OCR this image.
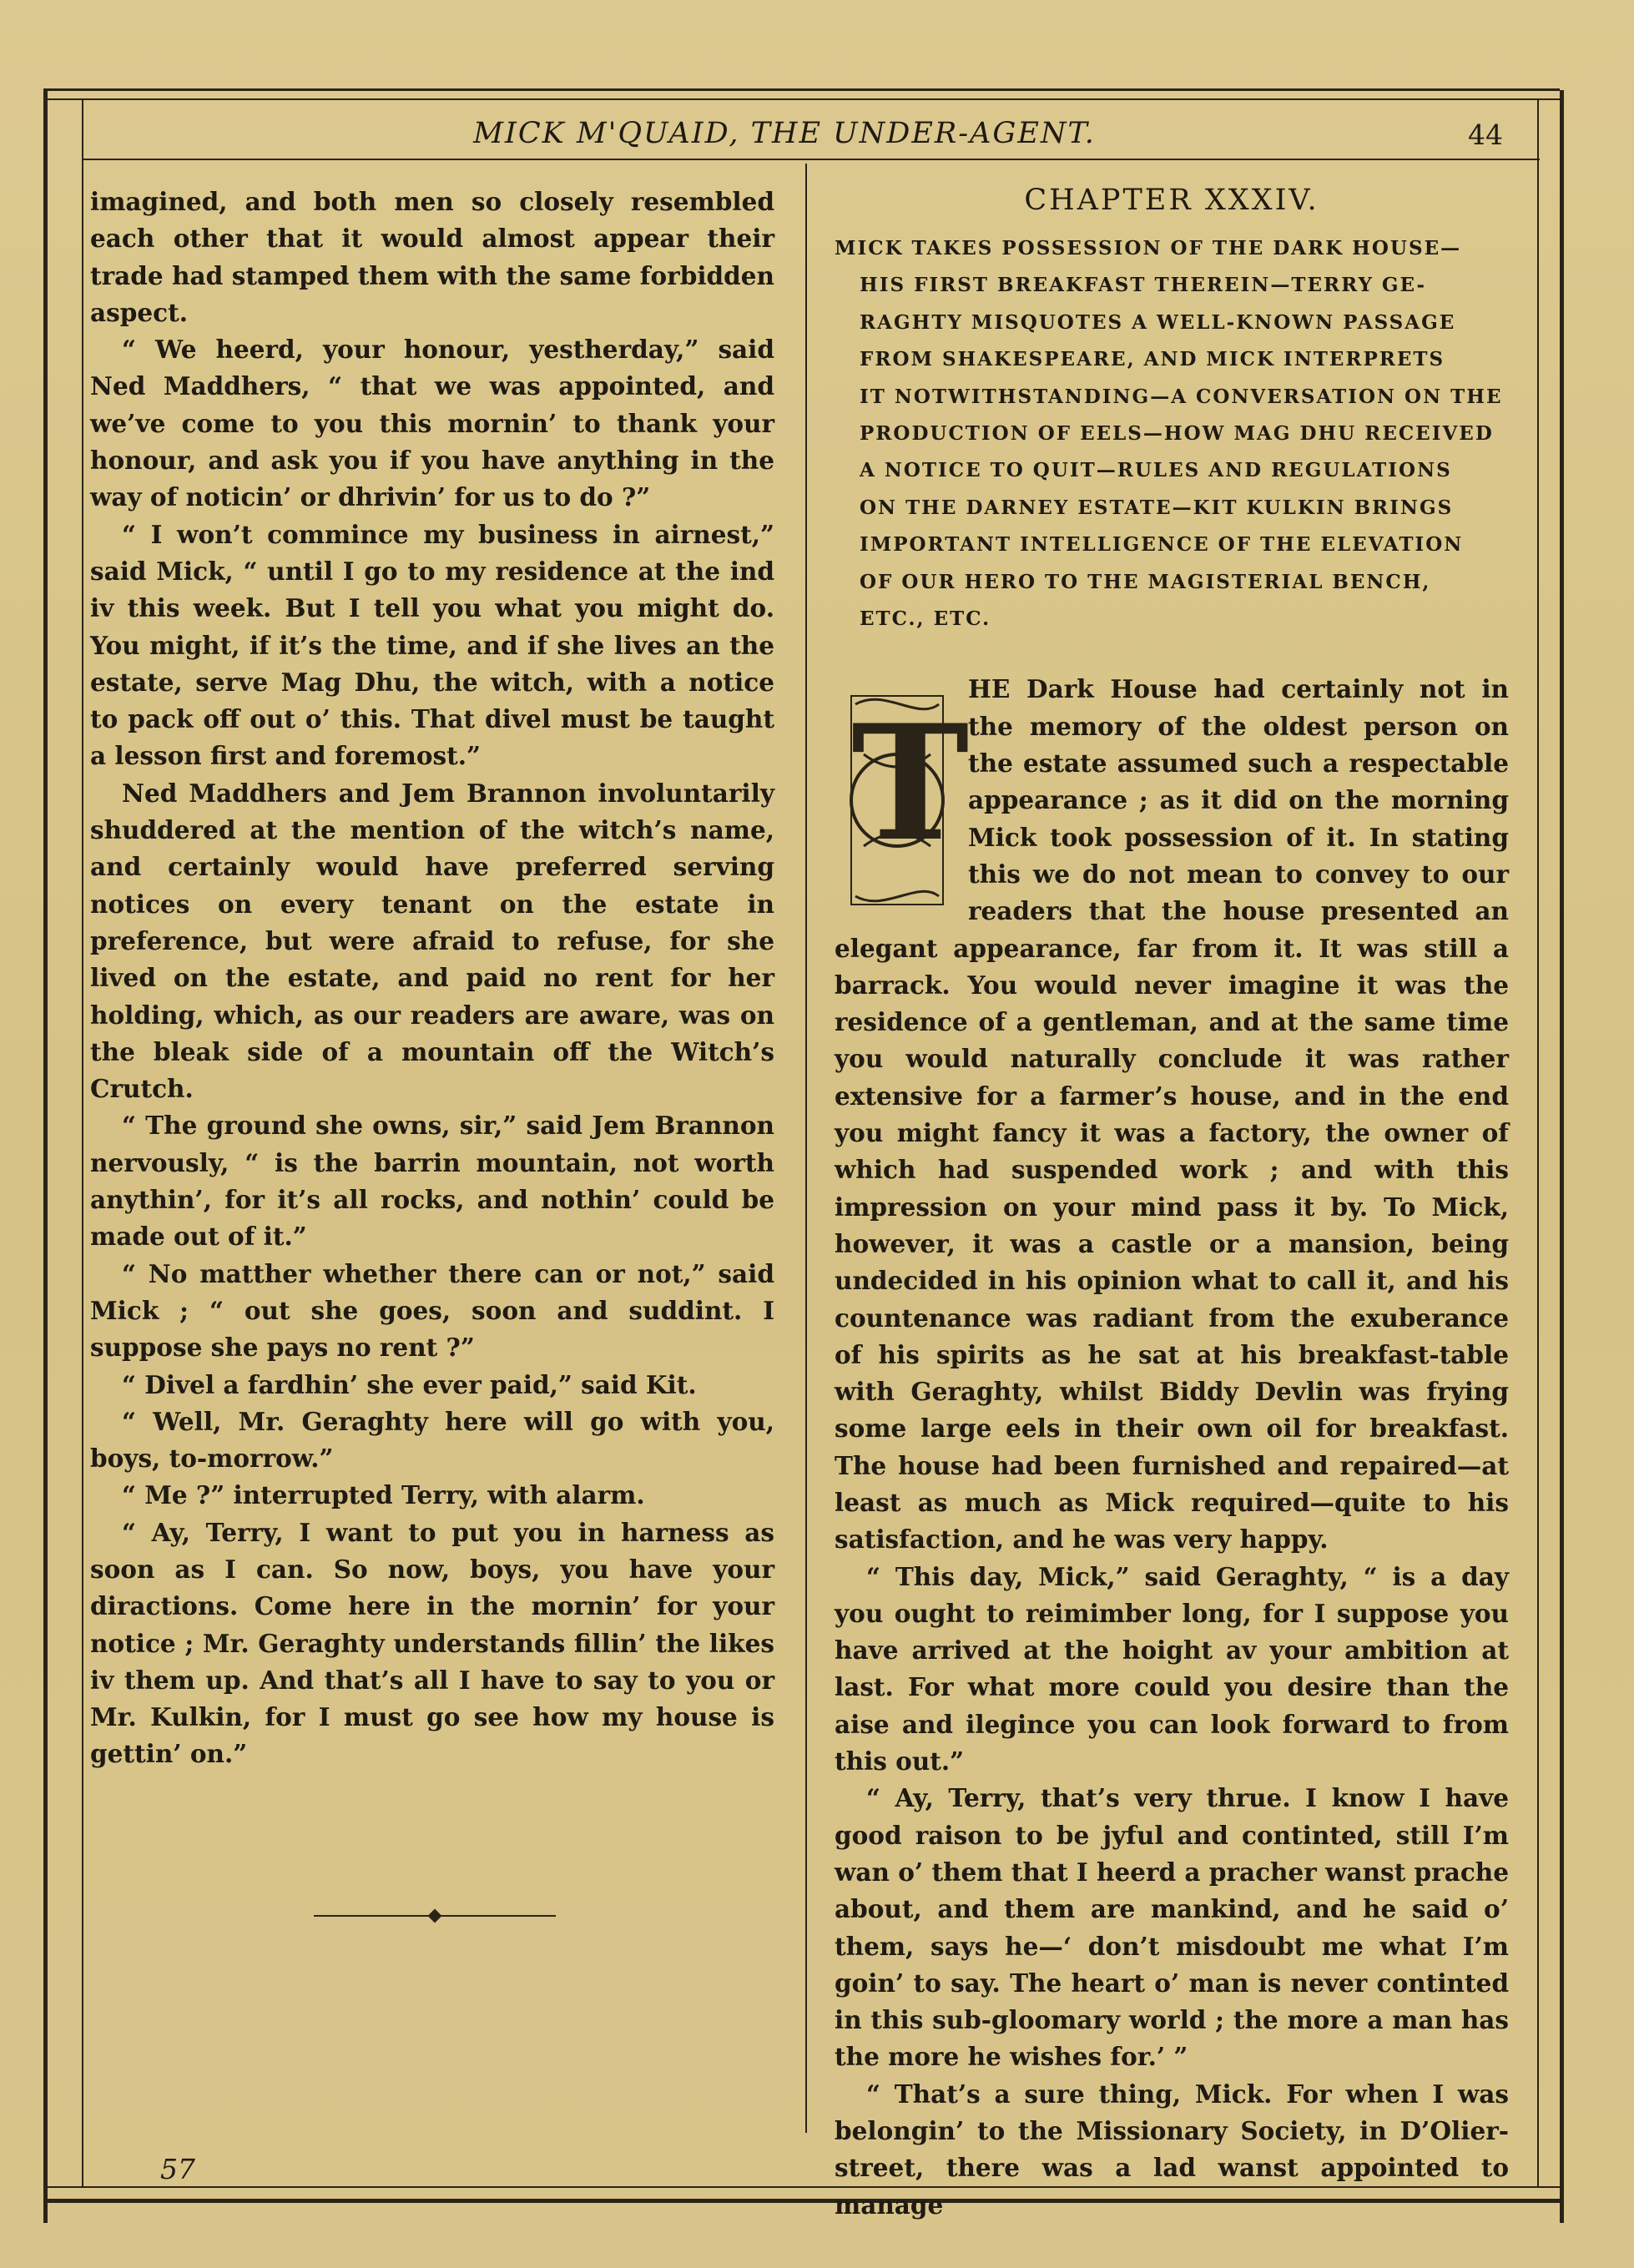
MICK M'QUAID, THE UNDER-AGENT.	44

imagined, and both men so closely resembled each other that it would almost appear their trade had stamped them with the same forbidden aspect.

“ We heerd, your honour, yestherday,” said Ned Maddhers, “ that we was appointed, and we’ve come to you this mornin’ to thank your honour, and ask you if you have anything in the way of noticin’ or dhrivin’ for us to do ?”

“ I won’t commince my business in airnest,” said Mick, “ until I go to my residence at the ind iv this week. But I tell you what you might do. You might, if it’s the time, and if she lives an the estate, serve Mag Dhu, the witch, with a notice to pack off out o’ this. That divel must be taught a lesson first and foremost.”

Ned Maddhers and Jem Brannon involuntarily shuddered at the mention of the witch’s name, and certainly would have preferred serving notices on every tenant on the estate in preference, but were afraid to refuse, for she lived on the estate, and paid no rent for her holding, which, as our readers are aware, was on the bleak side of a mountain off the Witch’s Crutch.

“ The ground she owns, sir,” said Jem Brannon nervously, “ is the barrin mountain, not worth anythin’, for it’s all rocks, and nothin’ could be made out of it.”

“ No matther whether there can or not,” said Mick ; “ out she goes, soon and suddint. I suppose she pays no rent ?”

“ Divel a fardhin’ she ever paid,” said Kit.

“ Well, Mr. Geraghty here will go with you, boys, to-morrow.”

“ Me ?” interrupted Terry, with alarm.

“ Ay, Terry, I want to put you in harness as soon as I can. So now, boys, you have your diractions. Come here in the mornin’ for your notice ; Mr. Geraghty understands fillin’ the likes iv them up. And that’s all I have to say to you or Mr. Kulkin, for I must go see how my house is gettin’ on.”

CHAPTER XXXIV.
MICK TAKES POSSESSION OF THE DARK HOUSE—
HIS FIRST BREAKFAST THEREIN—TERRY GE-
RAGHTY MISQUOTES A WELL-KNOWN PASSAGE
FROM SHAKESPEARE, AND MICK INTERPRETS
IT NOTWITHSTANDING—A CONVERSATION ON THE
PRODUCTION OF EELS—HOW MAG DHU RECEIVED
A NOTICE TO QUIT—RULES AND REGULATIONS
ON THE DARNEY ESTATE—KIT KULKIN BRINGS
IMPORTANT INTELLIGENCE OF THE ELEVATION
OF OUR HERO TO THE MAGISTERIAL BENCH,
ETC., ETC.
T

HE Dark House had certainly not in the memory of the oldest person on the estate assumed such a respectable appearance ; as it did on the morning Mick took possession of it. In stating this we do not mean to convey to our readers that the house presented an elegant appearance, far from it. It was still a barrack. You would never imagine it was the residence of a gentleman, and at the same time you would naturally conclude it was rather extensive for a farmer’s house, and in the end you might fancy it was a factory, the owner of which had suspended work ; and with this impression on your mind pass it by. To Mick, however, it was a castle or a mansion, being undecided in his opinion what to call it, and his countenance was radiant from the exuberance of his spirits as he sat at his breakfast-table with Geraghty, whilst Biddy Devlin was frying some large eels in their own oil for breakfast. The house had been furnished and repaired—at least as much as Mick required—quite to his satisfaction, and he was very happy.

“ This day, Mick,” said Geraghty, “ is a day you ought to reimimber long, for I suppose you have arrived at the hoight av your ambition at last. For what more could you desire than the aise and ilegince you can look forward to from this out.”

“ Ay, Terry, that’s very thrue. I know I have good raison to be jyful and continted, still I’m wan o’ them that I heerd a pracher wanst prache about, and them are mankind, and he said o’ them, says he—‘ don’t misdoubt me what I’m goin’ to say. The heart o’ man is never continted in this sub-gloomary world ; the more a man has the more he wishes for.’ ”

“ That’s a sure thing, Mick. For when I was belongin’ to the Missionary Society, in D’Olier-street, there was a lad wanst appointed to manage

57
